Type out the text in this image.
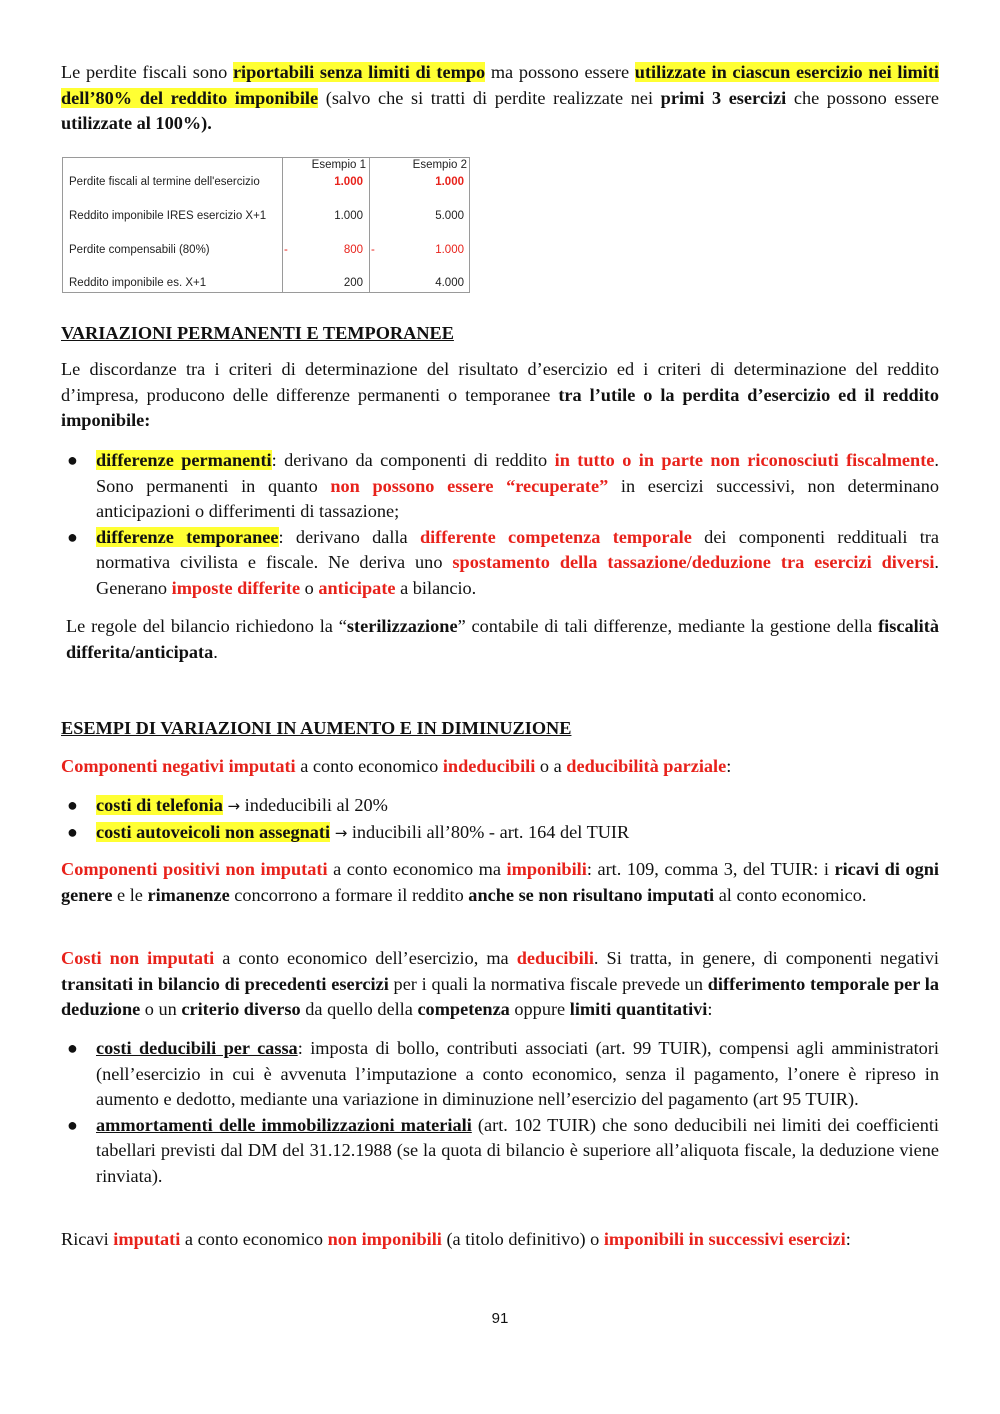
Le perdite fiscali sono riportabili senza limiti di tempo ma possono essere utilizzate in ciascun esercizio nei limiti dell’80% del reddito imponibile (salvo che si tratti di perdite realizzate nei primi 3 esercizi che possono essere utilizzate al 100%).

Esempio 1	Esempio 2
Perdite fiscali al termine dell'esercizio	1.000	1.000
Reddito imponibile IRES esercizio X+1	1.000	5.000
Perdite compensabili (80%)	-	800 -	1.000
Reddito imponibile es. X+1	200	4.000
VARIAZIONI PERMANENTI E TEMPORANEE

Le discordanze tra i criteri di determinazione del risultato d’esercizio ed i criteri di determinazione del reddito d’impresa, producono delle differenze permanenti o temporanee tra l’utile o la perdita d’esercizio ed il reddito imponibile:

● differenze permanenti: derivano da componenti di reddito in tutto o in parte non riconosciuti fiscalmente. Sono permanenti in quanto non possono essere “recuperate” in esercizi successivi, non determinano anticipazioni o differimenti di tassazione;
● differenze temporanee: derivano dalla differente competenza temporale dei componenti reddituali tra normativa civilista e fiscale. Ne deriva uno spostamento della tassazione/deduzione tra esercizi diversi. Generano imposte differite o anticipate a bilancio.

Le regole del bilancio richiedono la “sterilizzazione” contabile di tali differenze, mediante la gestione della fiscalità differita/anticipata.

ESEMPI DI VARIAZIONI IN AUMENTO E IN DIMINUZIONE

Componenti negativi imputati a conto economico indeducibili o a deducibilità parziale:

● costi di telefonia → indeducibili al 20%
● costi autoveicoli non assegnati → inducibili all’80% - art. 164 del TUIR

Componenti positivi non imputati a conto economico ma imponibili: art. 109, comma 3, del TUIR: i ricavi di ogni genere e le rimanenze concorrono a formare il reddito anche se non risultano imputati al conto economico.

Costi non imputati a conto economico dell’esercizio, ma deducibili. Si tratta, in genere, di componenti negativi transitati in bilancio di precedenti esercizi per i quali la normativa fiscale prevede un differimento temporale per la deduzione o un criterio diverso da quello della competenza oppure limiti quantitativi:

● costi deducibili per cassa: imposta di bollo, contributi associati (art. 99 TUIR), compensi agli amministratori (nell’esercizio in cui è avvenuta l’imputazione a conto economico, senza il pagamento, l’onere è ripreso in aumento e dedotto, mediante una variazione in diminuzione nell’esercizio del pagamento (art 95 TUIR).
● ammortamenti delle immobilizzazioni materiali (art. 102 TUIR) che sono deducibili nei limiti dei coefficienti tabellari previsti dal DM del 31.12.1988 (se la quota di bilancio è superiore all’aliquota fiscale, la deduzione viene rinviata).

Ricavi imputati a conto economico non imponibili (a titolo definitivo) o imponibili in successivi esercizi:

91
